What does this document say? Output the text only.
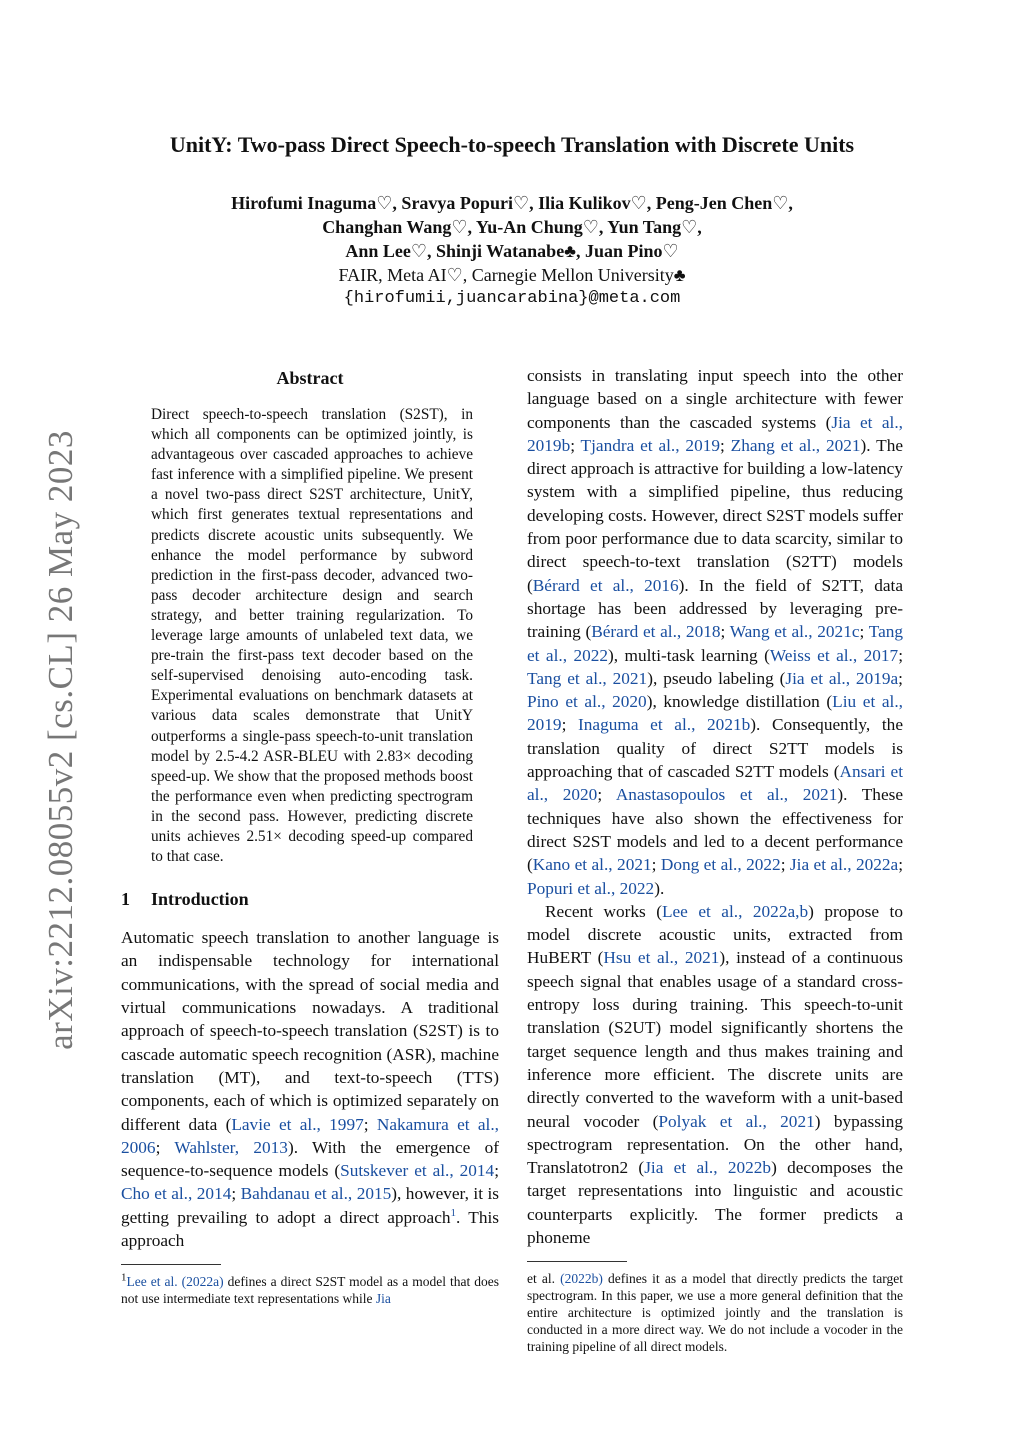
arXiv:2212.08055v2 [cs.CL] 26 May 2023
UnitY: Two-pass Direct Speech-to-speech Translation with Discrete Units
Hirofumi Inaguma♡, Sravya Popuri♡, Ilia Kulikov♡, Peng-Jen Chen♡,
Changhan Wang♡, Yu-An Chung♡, Yun Tang♡,
Ann Lee♡, Shinji Watanabe♣, Juan Pino♡
FAIR, Meta AI♡, Carnegie Mellon University♣
{hirofumii,juancarabina}@meta.com
Abstract

Direct speech-to-speech translation (S2ST), in which all components can be optimized jointly, is advantageous over cascaded approaches to achieve fast inference with a simplified pipeline. We present a novel two-pass direct S2ST architecture, UnitY, which first generates textual representations and predicts discrete acoustic units subsequently. We enhance the model performance by subword prediction in the first-pass decoder, advanced two-pass decoder architecture design and search strategy, and better training regularization. To leverage large amounts of unlabeled text data, we pre-train the first-pass text decoder based on the self-supervised denoising auto-encoding task. Experimental evaluations on benchmark datasets at various data scales demonstrate that UnitY outperforms a single-pass speech-to-unit translation model by 2.5-4.2 ASR-BLEU with 2.83× decoding speed-up. We show that the proposed methods boost the performance even when predicting spectrogram in the second pass. However, predicting discrete units achieves 2.51× decoding speed-up compared to that case.

1 Introduction

Automatic speech translation to another language is an indispensable technology for international communications, with the spread of social media and virtual communications nowadays. A traditional approach of speech-to-speech translation (S2ST) is to cascade automatic speech recognition (ASR), machine translation (MT), and text-to-speech (TTS) components, each of which is optimized separately on different data (Lavie et al., 1997; Nakamura et al., 2006; Wahlster, 2013). With the emergence of sequence-to-sequence models (Sutskever et al., 2014; Cho et al., 2014; Bahdanau et al., 2015), however, it is getting prevailing to adopt a direct approach$^1$. This approach

$^1$Lee et al. (2022a) defines a direct S2ST model as a model that does not use intermediate text representations while Jia

consists in translating input speech into the other language based on a single architecture with fewer components than the cascaded systems (Jia et al., 2019b; Tjandra et al., 2019; Zhang et al., 2021). The direct approach is attractive for building a low-latency system with a simplified pipeline, thus reducing developing costs. However, direct S2ST models suffer from poor performance due to data scarcity, similar to direct speech-to-text translation (S2TT) models (Bérard et al., 2016). In the field of S2TT, data shortage has been addressed by leveraging pre-training (Bérard et al., 2018; Wang et al., 2021c; Tang et al., 2022), multi-task learning (Weiss et al., 2017; Tang et al., 2021), pseudo labeling (Jia et al., 2019a; Pino et al., 2020), knowledge distillation (Liu et al., 2019; Inaguma et al., 2021b). Consequently, the translation quality of direct S2TT models is approaching that of cascaded S2TT models (Ansari et al., 2020; Anastasopoulos et al., 2021). These techniques have also shown the effectiveness for direct S2ST models and led to a decent performance (Kano et al., 2021; Dong et al., 2022; Jia et al., 2022a; Popuri et al., 2022).

Recent works (Lee et al., 2022a,b) propose to model discrete acoustic units, extracted from HuBERT (Hsu et al., 2021), instead of a continuous speech signal that enables usage of a standard cross-entropy loss during training. This speech-to-unit translation (S2UT) model significantly shortens the target sequence length and thus makes training and inference more efficient. The discrete units are directly converted to the waveform with a unit-based neural vocoder (Polyak et al., 2021) bypassing spectrogram representation. On the other hand, Translatotron2 (Jia et al., 2022b) decomposes the target representations into linguistic and acoustic counterparts explicitly. The former predicts a phoneme

et al. (2022b) defines it as a model that directly predicts the target spectrogram. In this paper, we use a more general definition that the entire architecture is optimized jointly and the translation is conducted in a more direct way. We do not include a vocoder in the training pipeline of all direct models.
